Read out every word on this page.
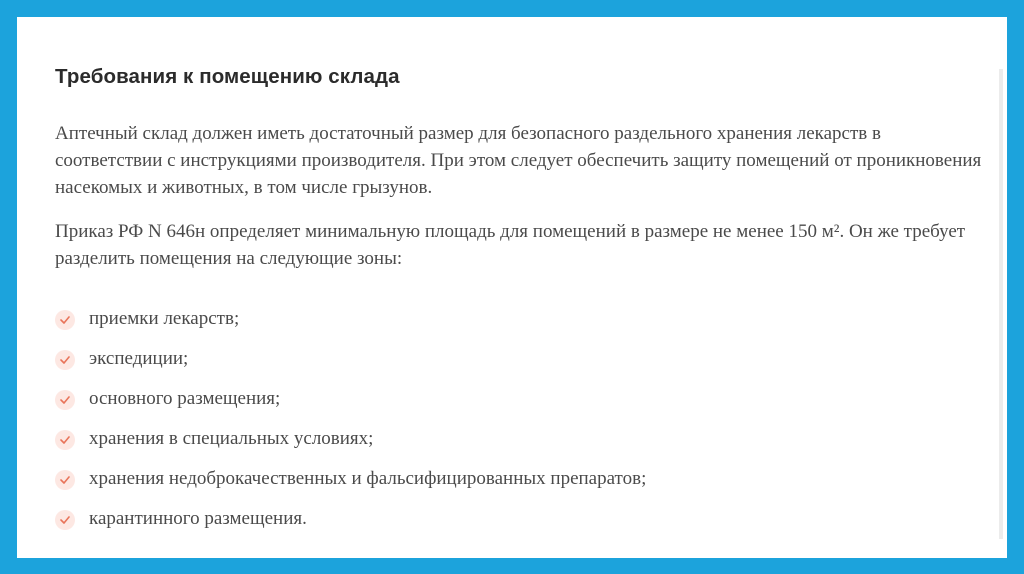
Требования к помещению склада

Аптечный склад должен иметь достаточный размер для безопасного раздельного хранения лекарств в соответствии с инструкциями производителя. При этом следует обеспечить защиту помещений от проникновения насекомых и животных, в том числе грызунов.

Приказ РФ N 646н определяет минимальную площадь для помещений в размере не менее 150 м². Он же требует разделить помещения на следующие зоны:

приемки лекарств;
экспедиции;
основного размещения;
хранения в специальных условиях;
хранения недоброкачественных и фальсифицированных препаратов;
карантинного размещения.
